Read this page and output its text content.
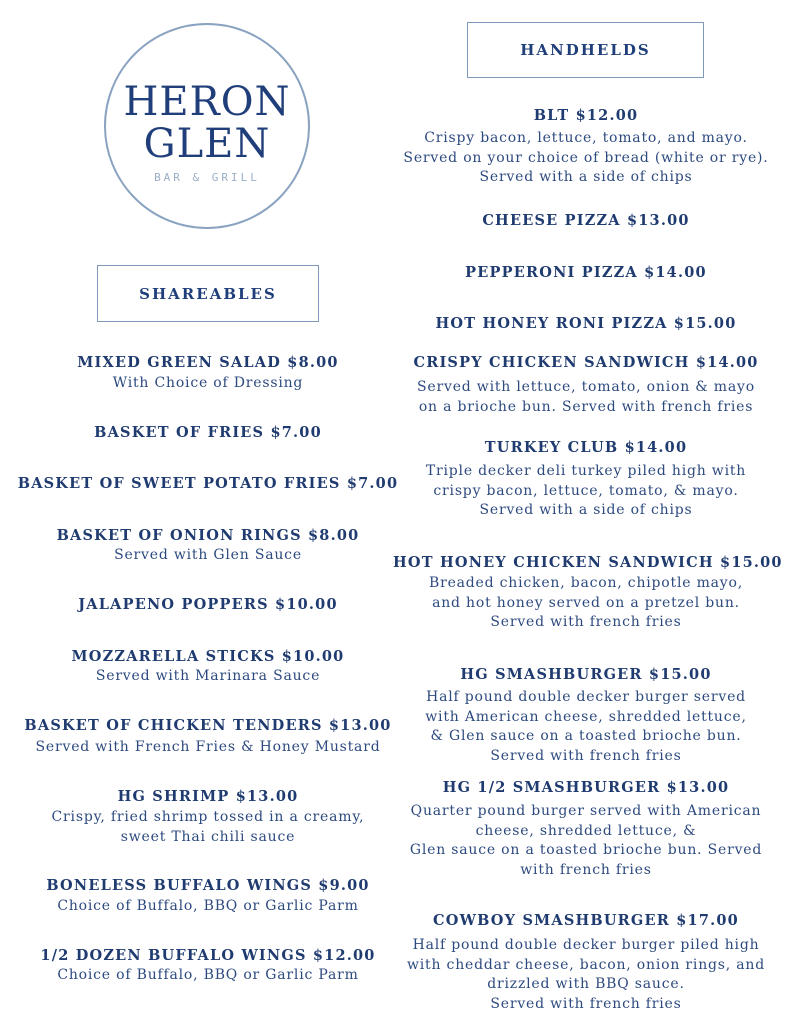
HERON
GLEN
BAR & GRILL
SHAREABLES
HANDHELDS
MIXED GREEN SALAD $8.00
With Choice of Dressing
BASKET OF FRIES $7.00
BASKET OF SWEET POTATO FRIES $7.00
BASKET OF ONION RINGS $8.00
Served with Glen Sauce
JALAPENO POPPERS $10.00
MOZZARELLA STICKS $10.00
Served with Marinara Sauce
BASKET OF CHICKEN TENDERS $13.00
Served with French Fries & Honey Mustard
HG SHRIMP $13.00
Crispy, fried shrimp tossed in a creamy,
sweet Thai chili sauce
BONELESS BUFFALO WINGS $9.00
Choice of Buffalo, BBQ or Garlic Parm
1/2 DOZEN BUFFALO WINGS $12.00
Choice of Buffalo, BBQ or Garlic Parm
BLT $12.00
Crispy bacon, lettuce, tomato, and mayo.
Served on your choice of bread (white or rye).
Served with a side of chips
CHEESE PIZZA $13.00
PEPPERONI PIZZA $14.00
HOT HONEY RONI PIZZA $15.00
CRISPY CHICKEN SANDWICH $14.00
Served with lettuce, tomato, onion & mayo
on a brioche bun. Served with french fries
TURKEY CLUB $14.00
Triple decker deli turkey piled high with
crispy bacon, lettuce, tomato, & mayo.
Served with a side of chips
HOT HONEY CHICKEN SANDWICH $15.00
Breaded chicken, bacon, chipotle mayo,
and hot honey served on a pretzel bun.
Served with french fries
HG SMASHBURGER $15.00
Half pound double decker burger served
with American cheese, shredded lettuce,
& Glen sauce on a toasted brioche bun.
Served with french fries
HG 1/2 SMASHBURGER $13.00
Quarter pound burger served with American
cheese, shredded lettuce, &
Glen sauce on a toasted brioche bun. Served
with french fries
COWBOY SMASHBURGER $17.00
Half pound double decker burger piled high
with cheddar cheese, bacon, onion rings, and
drizzled with BBQ sauce.
Served with french fries
